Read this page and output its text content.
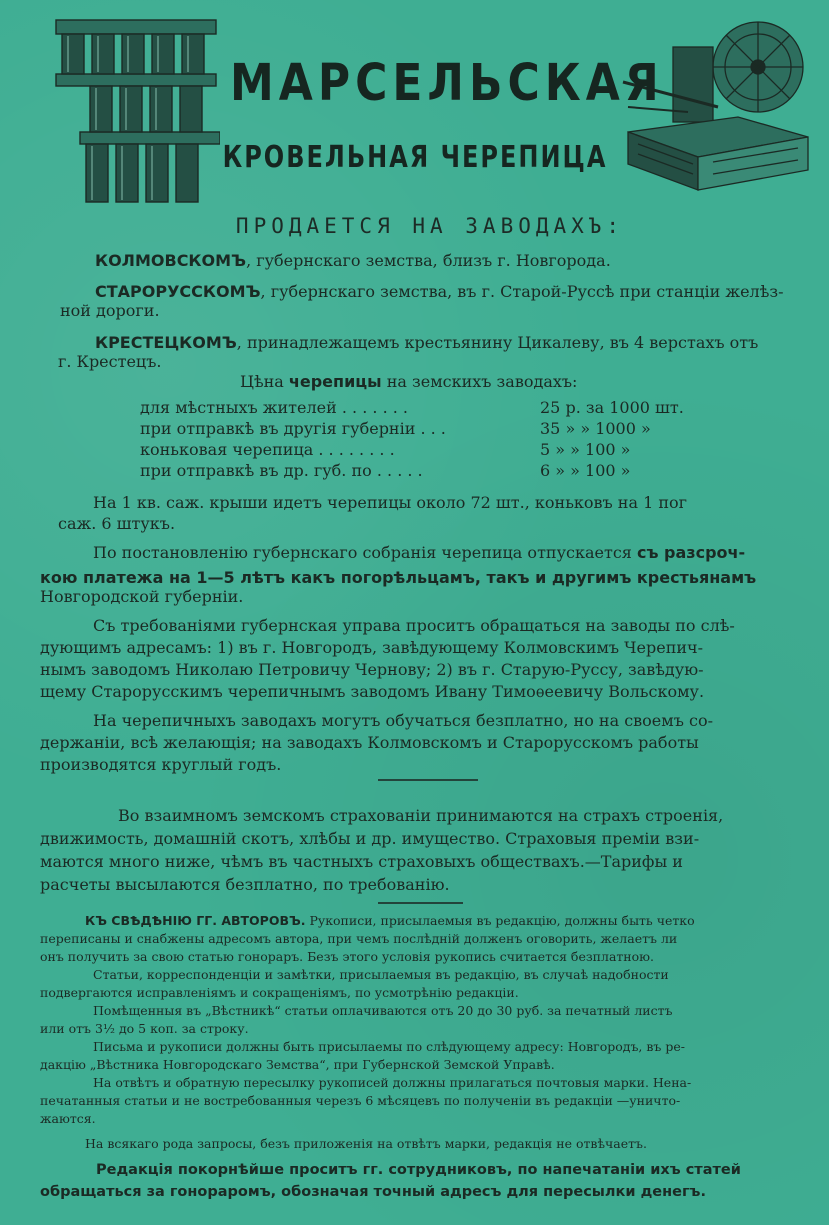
МАРСЕЛЬСКАЯ
КРОВЕЛЬНАЯ ЧЕРЕПИЦА
ПРОДАЕТСЯ НА ЗАВОДАХЪ:
КОЛМОВСКОМЪ, губернскаго земства, близъ г. Новгорода.
СТАРОРУССКОМЪ, губернскаго земства, въ г. Старой-Руссѣ при станціи желѣз-
ной дороги.
КРЕСТЕЦКОМЪ, принадлежащемъ крестьянину Цикалеву, въ 4 верстахъ отъ
г. Крестецъ.
Цѣна черепицы на земскихъ заводахъ:
для мѣстныхъ жителей . . . . . . .	25 р. за 1000 шт.
при отправкѣ въ другія губерніи . . .	35 » » 1000 »
коньковая черепица . . . . . . . .	5 » » 100 »
при отправкѣ въ др. губ. по . . . . .	6 » » 100 »
На 1 кв. саж. крыши идетъ черепицы около 72 шт., коньковъ на 1 пог
саж. 6 штукъ.
По постановленію губернскаго собранія черепица отпускается съ разсроч-
кою платежа на 1—5 лѣтъ какъ погорѣльцамъ, такъ и другимъ крестьянамъ
Новгородской губерніи.
Съ требованіями губернская управа проситъ обращаться на заводы по слѣ-
дующимъ адресамъ: 1) въ г. Новгородъ, завѣдующему Колмовскимъ Черепич-
нымъ заводомъ Николаю Петровичу Чернову; 2) въ г. Старую-Руссу, завѣдую-
щему Старорусскимъ черепичнымъ заводомъ Ивану Тимоѳеевичу Вольскому.
На черепичныхъ заводахъ могутъ обучаться безплатно, но на своемъ со-
держаніи, всѣ желающія; на заводахъ Колмовскомъ и Старорусскомъ работы
производятся круглый годъ.
Во взаимномъ земскомъ страхованіи принимаются на страхъ строенія,
движимость, домашній скотъ, хлѣбы и др. имущество. Страховыя преміи взи-
маются много ниже, чѣмъ въ частныхъ страховыхъ обществахъ.—Тарифы и
расчеты высылаются безплатно, по требованію.
КЪ СВѢДѢНІЮ ГГ. АВТОРОВЪ. Рукописи, присылаемыя въ редакцію, должны быть четко
переписаны и снабжены адресомъ автора, при чемъ послѣдній долженъ оговорить, желаетъ ли
онъ получить за свою статью гонораръ. Безъ этого условія рукопись считается безплатною.
Статьи, корреспонденціи и замѣтки, присылаемыя въ редакцію, въ случаѣ надобности
подвергаются исправленіямъ и сокращеніямъ, по усмотрѣнію редакціи.
Помѣщенныя въ „Вѣстникѣ“ статьи оплачиваются отъ 20 до 30 руб. за печатный листъ
или отъ 3½ до 5 коп. за строку.
Письма и рукописи должны быть присылаемы по слѣдующему адресу: Новгородъ, въ ре-
дакцію „Вѣстника Новгородскаго Земства“, при Губернской Земской Управѣ.
На отвѣтъ и обратную пересылку рукописей должны прилагаться почтовыя марки. Нена-
печатанныя статьи и не востребованныя черезъ 6 мѣсяцевъ по полученіи въ редакціи —уничто-
жаются.
На всякаго рода запросы, безъ приложенія на отвѣтъ марки, редакція не отвѣчаетъ.
Редакція покорнѣйше проситъ гг. сотрудниковъ, по напечатаніи ихъ статей
обращаться за гонораромъ, обозначая точный адресъ для пересылки денегъ.
